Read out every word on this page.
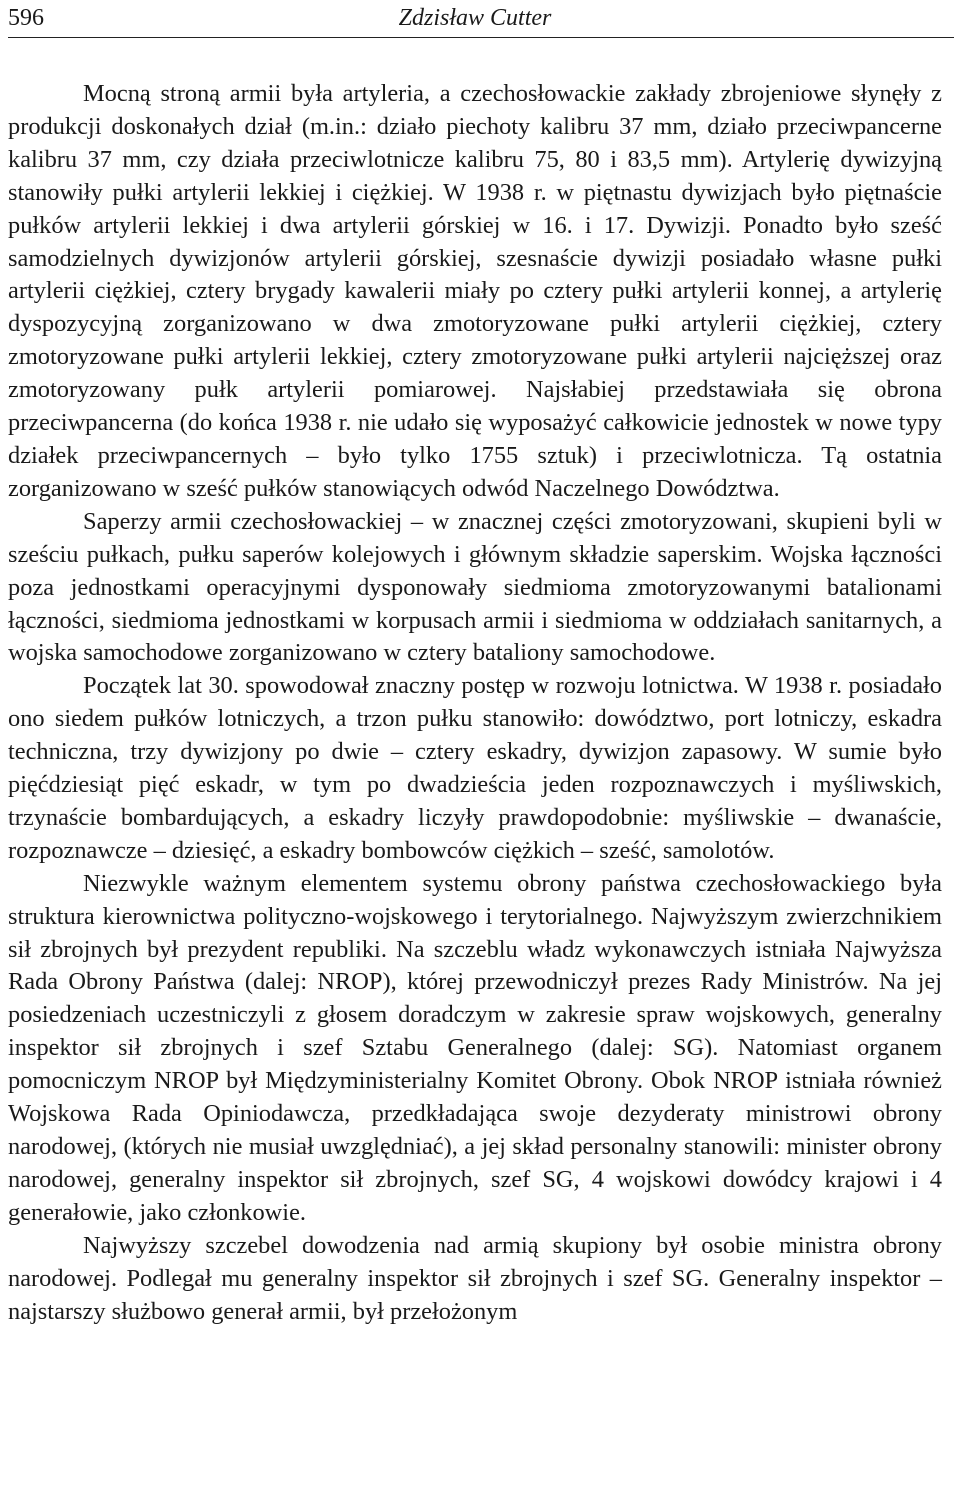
596	Zdzisław Cutter

Mocną stroną armii była artyleria, a czechosłowackie zakłady zbrojeniowe słynęły z produkcji doskonałych dział (m.in.: działo piechoty kalibru 37 mm, działo przeciwpancerne kalibru 37 mm, czy działa przeciwlotnicze kalibru 75, 80 i 83,5 mm). Artylerię dywizyjną stanowiły pułki artylerii lekkiej i ciężkiej. W 1938 r. w piętnastu dywizjach było piętnaście pułków artylerii lekkiej i dwa artylerii górskiej w 16. i 17. Dywizji. Ponadto było sześć samodzielnych dywizjonów artylerii górskiej, szesnaście dywizji posiadało własne pułki artylerii ciężkiej, cztery brygady kawalerii miały po cztery pułki artylerii konnej, a artylerię dyspozycyjną zorganizowano w dwa zmotoryzowane pułki artylerii ciężkiej, cztery zmotoryzowane pułki artylerii lekkiej, cztery zmotoryzowane pułki artylerii najcięższej oraz zmotoryzowany pułk artylerii pomiarowej. Najsłabiej przedstawiała się obrona przeciwpancerna (do końca 1938 r. nie udało się wyposażyć całkowicie jednostek w nowe typy działek przeciwpancernych – było tylko 1755 sztuk) i przeciwlotnicza. Tą ostatnia zorganizowano w sześć pułków stanowiących odwód Naczelnego Dowództwa.

Saperzy armii czechosłowackiej – w znacznej części zmotoryzowani, skupieni byli w sześciu pułkach, pułku saperów kolejowych i głównym składzie saperskim. Wojska łączności poza jednostkami operacyjnymi dysponowały siedmioma zmotoryzowanymi batalionami łączności, siedmioma jednostkami w korpusach armii i siedmioma w oddziałach sanitarnych, a wojska samochodowe zorganizowano w cztery bataliony samochodowe.

Początek lat 30. spowodował znaczny postęp w rozwoju lotnictwa. W 1938 r. posiadało ono siedem pułków lotniczych, a trzon pułku stanowiło: dowództwo, port lotniczy, eskadra techniczna, trzy dywizjony po dwie – cztery eskadry, dywizjon zapasowy. W sumie było pięćdziesiąt pięć eskadr, w tym po dwadzieścia jeden rozpoznawczych i myśliwskich, trzynaście bombardujących, a eskadry liczyły prawdopodobnie: myśliwskie – dwanaście, rozpoznawcze – dziesięć, a eskadry bombowców ciężkich – sześć, samolotów.

Niezwykle ważnym elementem systemu obrony państwa czechosłowackiego była struktura kierownictwa polityczno-wojskowego i terytorialnego. Najwyższym zwierzchnikiem sił zbrojnych był prezydent republiki. Na szczeblu władz wykonawczych istniała Najwyższa Rada Obrony Państwa (dalej: NROP), której przewodniczył prezes Rady Ministrów. Na jej posiedzeniach uczestniczyli z głosem doradczym w zakresie spraw wojskowych, generalny inspektor sił zbrojnych i szef Sztabu Generalnego (dalej: SG). Natomiast organem pomocniczym NROP był Międzyministerialny Komitet Obrony. Obok NROP istniała również Wojskowa Rada Opiniodawcza, przedkładająca swoje dezyderaty ministrowi obrony narodowej, (których nie musiał uwzględniać), a jej skład personalny stanowili: minister obrony narodowej, generalny inspektor sił zbrojnych, szef SG, 4 wojskowi dowódcy krajowi i 4 generałowie, jako członkowie.

Najwyższy szczebel dowodzenia nad armią skupiony był osobie ministra obrony narodowej. Podlegał mu generalny inspektor sił zbrojnych i szef SG. Generalny inspektor – najstarszy służbowo generał armii, był przełożonym
